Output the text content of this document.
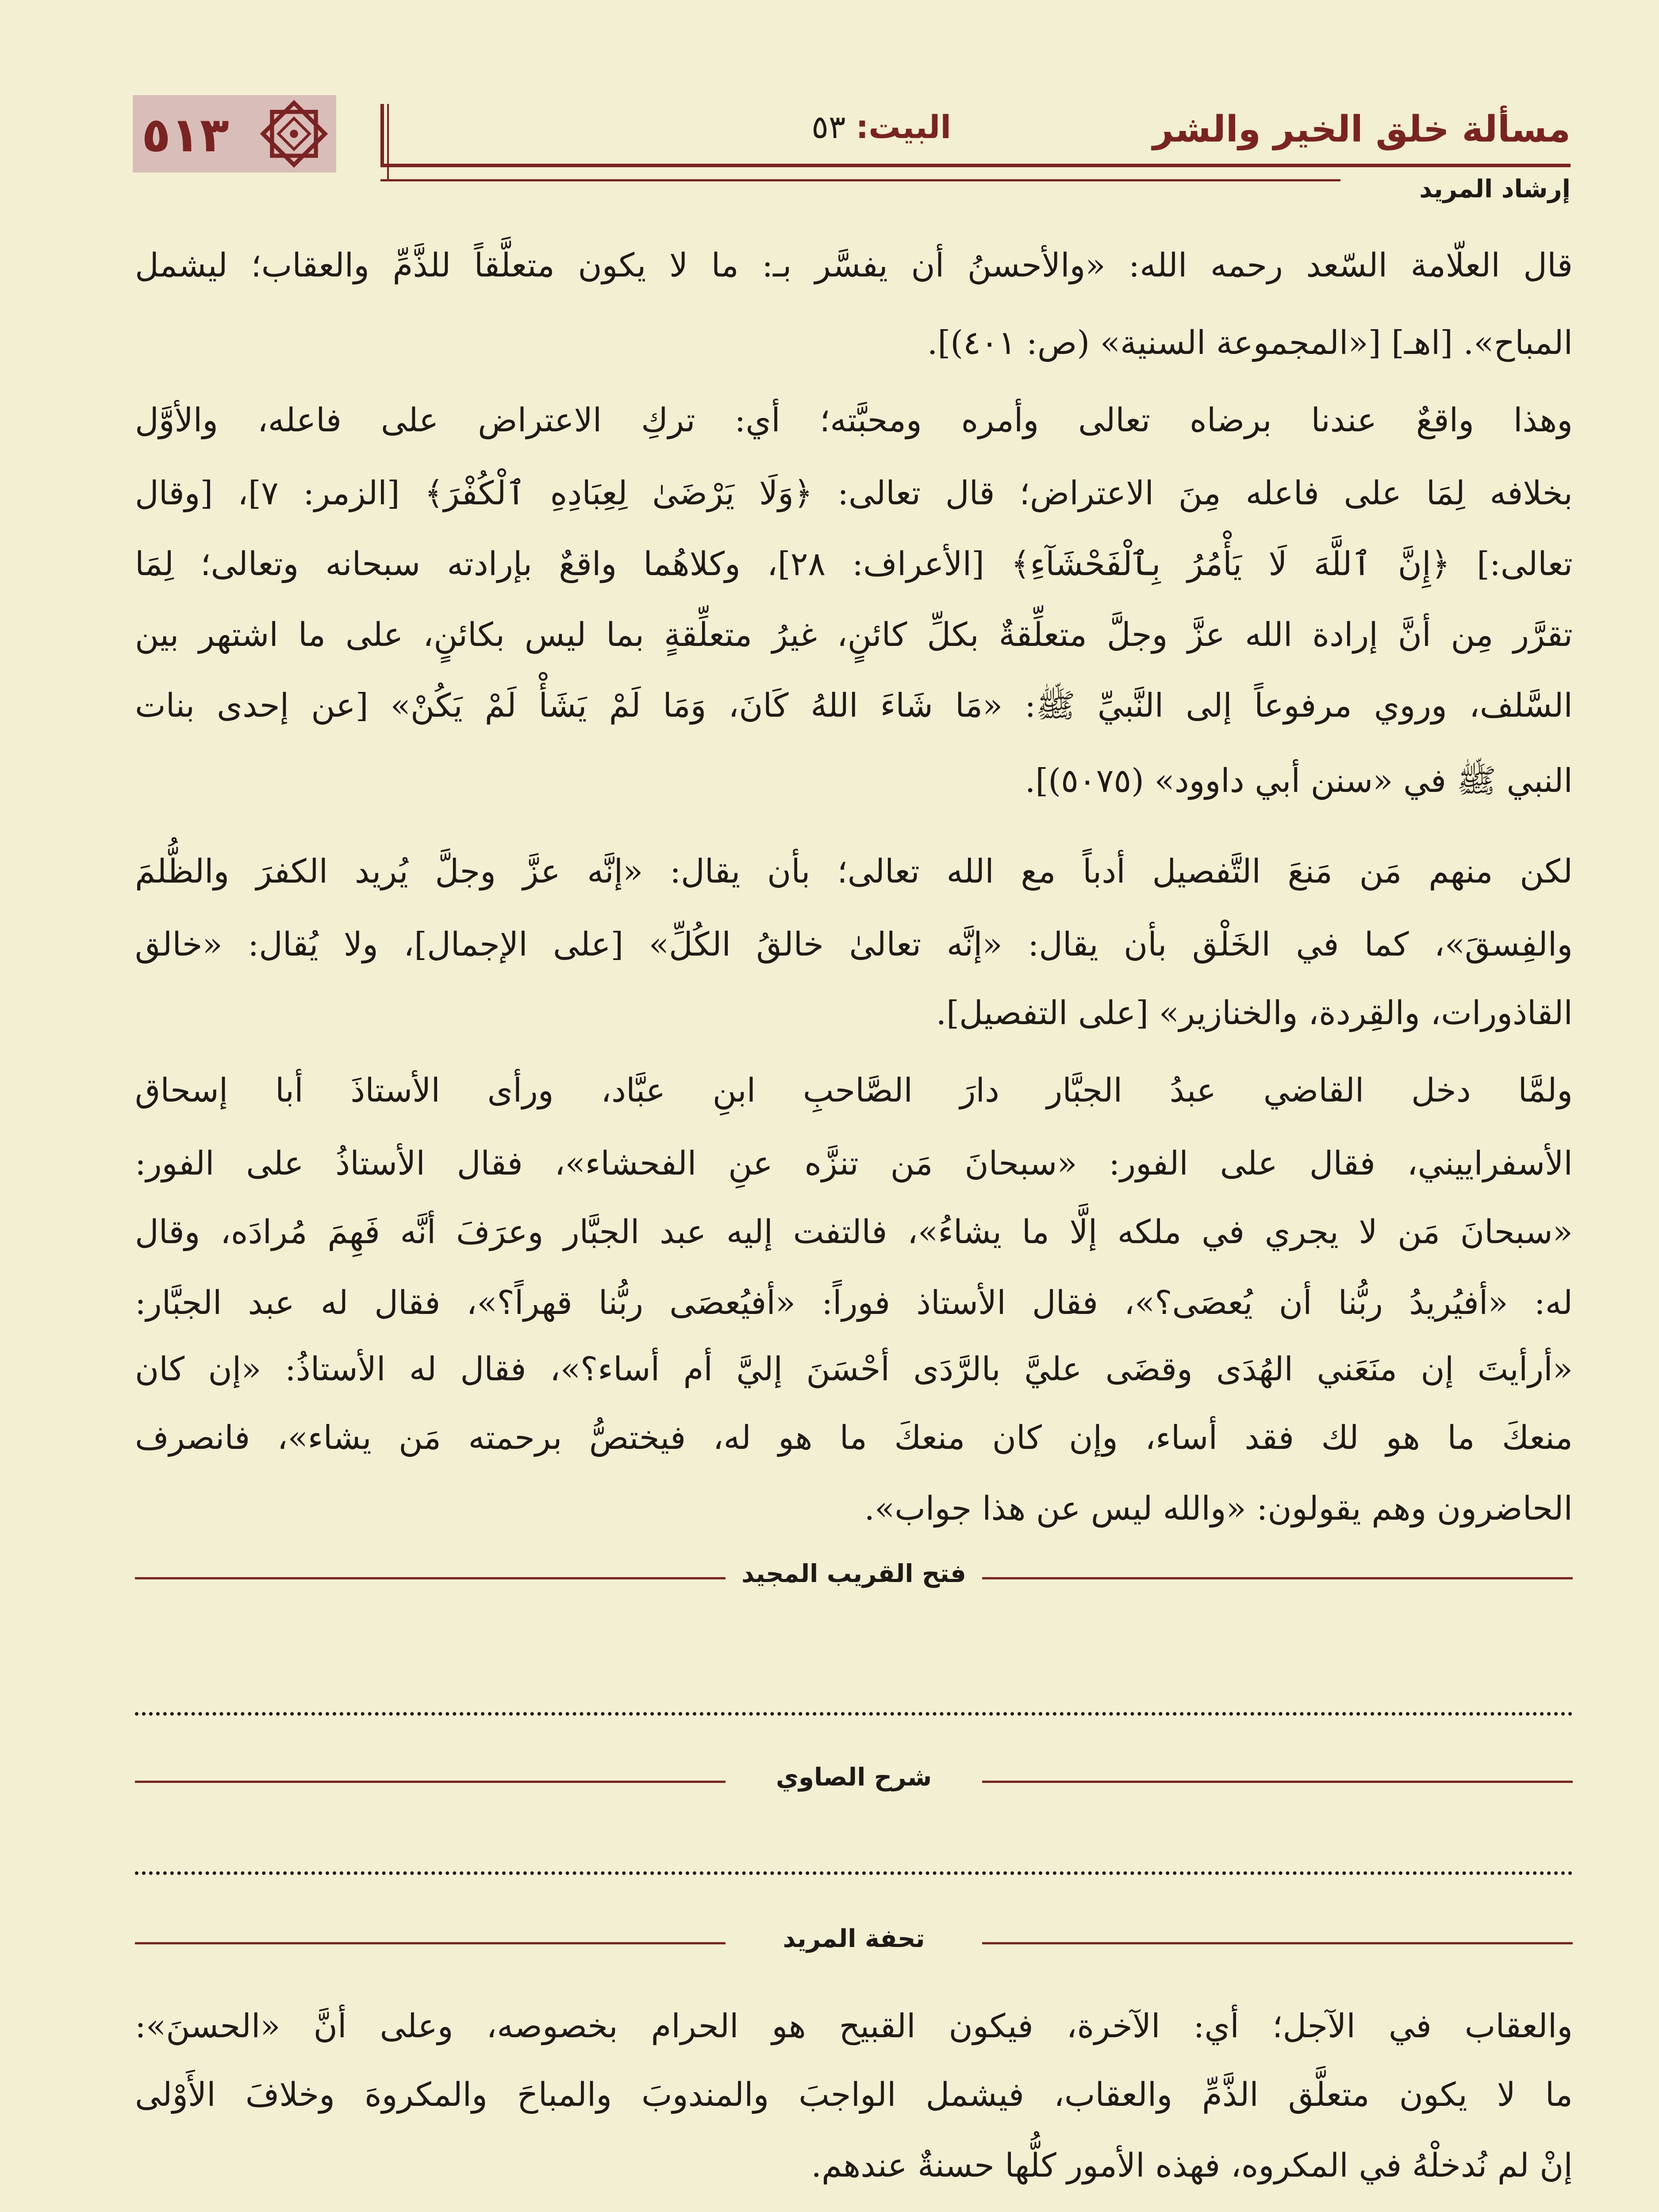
٥١٣	مسألة خلق الخير والشر
البيت: ٥٣
إرشاد المريد
قال العلّامة السّعد رحمه الله: «والأحسنُ أن يفسَّر بـ: ما لا يكون متعلَّقاً للذَّمِّ والعقاب؛ ليشمل
المباح». [اهـ] [«المجموعة السنية» (ص: ٤٠١)].
وهذا واقعٌ عندنا برضاه تعالى وأمره ومحبَّته؛ أي: تركِ الاعتراض على فاعله، والأوَّل
بخلافه لِمَا على فاعله مِنَ الاعتراض؛ قال تعالى: ﴿وَلَا يَرْضَىٰ لِعِبَادِهِ ٱلْكُفْرَ﴾ [الزمر: ٧]، [وقال
تعالى:] ﴿إِنَّ ٱللَّهَ لَا يَأْمُرُ بِٱلْفَحْشَآءِ﴾ [الأعراف: ٢٨]، وكلاهُما واقعٌ بإرادته سبحانه وتعالى؛ لِمَا
تقرَّر مِن أنَّ إرادة الله عزَّ وجلَّ متعلِّقةٌ بكلِّ كائنٍ، غيرُ متعلِّقةٍ بما ليس بكائنٍ، على ما اشتهر بين
السَّلف، وروي مرفوعاً إلى النَّبيِّ ﷺ: «مَا شَاءَ اللهُ كَانَ، وَمَا لَمْ يَشَأْ لَمْ يَكُنْ» [عن إحدى بنات
النبي ﷺ في «سنن أبي داوود» (٥٠٧٥)].
لكن منهم مَن مَنعَ التَّفصيل أدباً مع الله تعالى؛ بأن يقال: «إنَّه عزَّ وجلَّ يُريد الكفرَ والظُّلمَ
والفِسقَ»، كما في الخَلْق بأن يقال: «إنَّه تعالىٰ خالقُ الكُلِّ» [على الإجمال]، ولا يُقال: «خالق
القاذورات، والقِردة، والخنازير» [على التفصيل].
ولمَّا دخل القاضي عبدُ الجبَّار دارَ الصَّاحبِ ابنِ عبَّاد، ورأى الأستاذَ أبا إسحاق
الأسفراييني، فقال على الفور: «سبحانَ مَن تنزَّه عنِ الفحشاء»، فقال الأستاذُ على الفور:
«سبحانَ مَن لا يجري في ملكه إلَّا ما يشاءُ»، فالتفت إليه عبد الجبَّار وعرَفَ أنَّه فَهِمَ مُرادَه، وقال
له: «أفيُريدُ ربُّنا أن يُعصَى؟»، فقال الأستاذ فوراً: «أفيُعصَى ربُّنا قهراً؟»، فقال له عبد الجبَّار:
«أرأيتَ إن منَعَني الهُدَى وقضَى عليَّ بالرَّدَى أحْسَنَ إليَّ أم أساء؟»، فقال له الأستاذُ: «إن كان
منعكَ ما هو لك فقد أساء، وإن كان منعكَ ما هو له، فيختصُّ برحمته مَن يشاء»، فانصرف
الحاضرون وهم يقولون: «والله ليس عن هذا جواب».
فتح القريب المجيد
شرح الصاوي
تحفة المريد
والعقاب في الآجل؛ أي: الآخرة، فيكون القبيح هو الحرام بخصوصه، وعلى أنَّ «الحسنَ»:
ما لا يكون متعلَّق الذَّمِّ والعقاب، فيشمل الواجبَ والمندوبَ والمباحَ والمكروهَ وخلافَ الأَوْلى
إنْ لم نُدخلْهُ في المكروه، فهذه الأمور كلُّها حسنةٌ عندهم.
